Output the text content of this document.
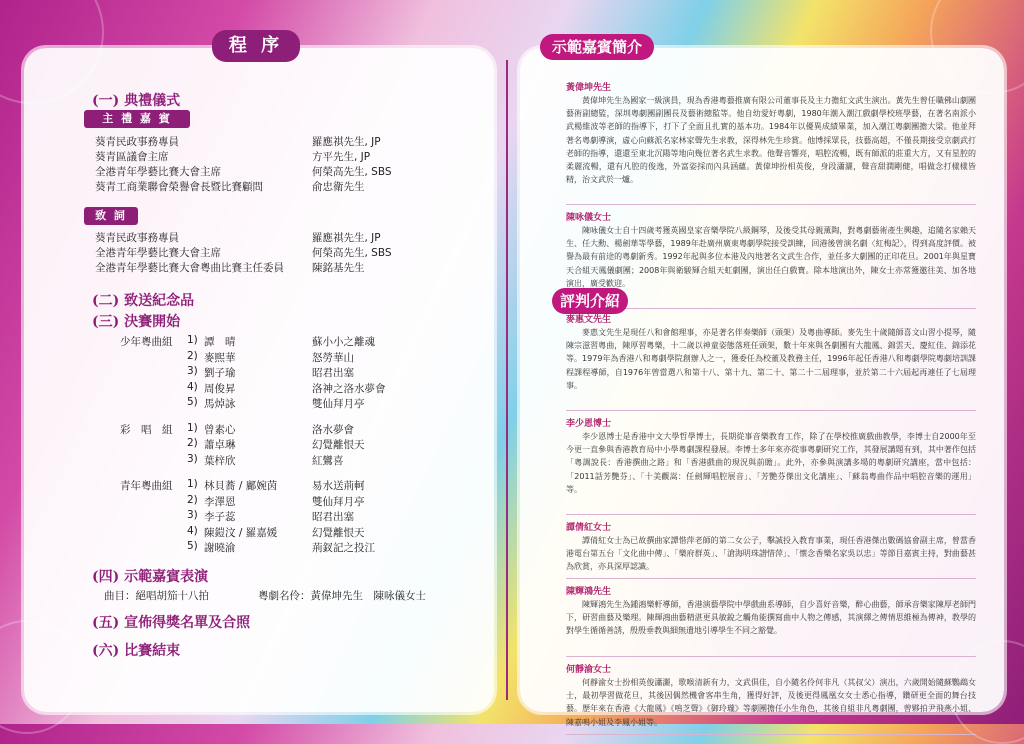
程 序
(一) 典禮儀式
主 禮 嘉 賓
葵青民政事務專員	羅應祺先生, JP
葵青區議會主席	方平先生, JP
全港青年學藝比賽大會主席	何榮高先生, SBS
葵青工商業聯會榮譽會長暨比賽顧問	俞忠衛先生
致 詞
葵青民政事務專員	羅應祺先生, JP
全港青年學藝比賽大會主席	何榮高先生, SBS
全港青年學藝比賽大會粵曲比賽主任委員	陳銘基先生
(二) 致送紀念品
(三) 決賽開始
少年粵曲組 1) 譚　晴	蘇小小之離魂
2) 麥熙華	怒勞華山
3) 劉子瑜	昭君出塞
4) 周俊昇	洛神之洛水夢會
5) 馬焯詠	雙仙拜月亭
彩　唱　組 1) 曾素心	洛水夢會
2) 蕭卓琳	幻覺離恨天
3) 葉梓欣	紅鸞喜
青年粵曲組 1) 林貝蕎 / 鄺婉茵	易水送荊軻
2) 李澤恩	雙仙拜月亭
3) 李子蕊	昭君出塞
4) 陳鎧汶 / 羅嘉媛	幻覺離恨天
5) 謝曉渝	荊釵記之投江
(四) 示範嘉賓表演
曲目：絕唱胡笳十八拍	粵劇名伶：黃偉坤先生　陳咏儀女士
(五) 宣佈得獎名單及合照
(六) 比賽結束
示範嘉賓簡介
黃偉坤先生
黃偉坤先生為國家一級演員，現為香港粵藝推廣有限公司董事長及主力擔紅文武生演出。黃先生曾任職佛山劇團藝術副總監，深圳粵劇團副團長及藝術總監等。他自幼愛好粵劇，1980年潮入潮江戲劇學校班學藝，在著名南派小武楊維波等老師的指導下，打下了全面且扎實的基本功。1984年以優異成績畢業，加入潮江粵劇團擔大梁。他並拜著名粵劇導演，虛心向蘇派名家林家聲先生求教，深得林先生珍賞。他博採眾長，技藝高超，不僅長期接受京劇武打老師的指導，還還至東北沉陽等地向幾位著名武生求教。他聲音響亮，唱腔流暢，既有師派的莊重大方，又有星腔的柔麗流暢，還有凡腔的俊逸，外富姿採而內具涵蘊。黃偉坤扮相英俊，身段瀟灑，聲音甜潤剛健，唱做念打樣樣皆精，治文武於一爐。
陳咏儀女士
陳咏儀女士自十四歲考獲英國皇家音樂學院八級鋼琴，及後受其母親薰陶，對粵劇藝術產生興趣，追隨名家賴天生、任大勳、楊劍華等學藝，1989年赴廣州廣東粵劇學院接受訓練，回港後曾演名劇〈紅梅記〉，得到高度評價。被譽為最有前途的粵劇新秀。1992年起與多位本港及內地著名文武生合作，並任多大劇團的正印花旦。2001年與星寶天合組天鳳儀劇團；2008年與衛駿輝合組天虹劇團，演出任白戲寶。除本地演出外，陳女士亦常獲邀往美、加各地演出，廣受歡迎。
評判介紹
麥惠文先生
麥惠文先生是現任八和會館理事，亦是著名伴奏樂師（頭架）及粵曲導師。麥先生十歲隨師喜文山習小提琴，隨陳宗滋習粵曲，陳厚習粵樂，十二歲以神童姿態落班任頭架，數十年來與各劇團有大龍鳳、錦雲天、慶紅佳、錦添花等。1979年為香港八和粵劇學院創辦人之一，獲委任為校董及教務主任，1996年起任香港八和粵劇學院粵劇培訓課程課程導師，自1976年曾當選八和第十八、第十九、第二十、第二十二屆理事，並於第二十六屆起再連任了七屆理事。
李少恩博士
李少恩博士是香港中文大學哲學博士，長期從事音樂教育工作，除了在學校推廣戲曲教學，李博士自2000年至今更一直參與香港教育局中小學粵劇課程發展。李博士多年來亦從事粵劇研究工作，其發展講題有到，其中著作包括「粵調說長：香港撰曲之路」和「香港戲曲的現況與前瞻」。此外，亦參與演講多場的粵劇研究講座，當中包括：「2011話芳艷芬」、「十美觀嵩：任劍輝唱腔展音」、「芳艷芬傑出文化講座」、「蘇翁粵曲作品中唱腔音樂的運用」等。
譚倩紅女士
譚倩紅女士為已故撰曲家譚惜萍老師的第二女公子，擊誠投入教育事業，現任香港傑出數碼協會副主席，曾當香港電台第五台「文化曲中傳」、「樂府群英」、「滄海明珠譜惜萍」、「懷念香樂名家吳以忠」等節目嘉賓主持，對曲藝甚為欣賞，亦具深厚認識。
陳輝鴻先生
陳輝鴻先生為鍾鴻樂軒導師，香港演藝學院中學戲曲系導師，自少喜好音樂，醉心曲藝，師承音樂家陳厚老師門下，研習曲藝及樂理。陳輝鴻曲藝精湛更具敏銳之觸角能撰寫曲中人物之傳感，其演繹之傳情思維極為傳神，教學的對學生循循善誘，殷殷垂教與細無遺地引導學生不同之豁覺。
何靜渝女士
何靜渝女士扮相英俊瀟灑，歌喉清新有力，文武俱佳，自小隨名伶何非凡（其叔父）演出，六歲開始隨蘇鸚鵡女士，最初學習做花旦，其後因偶然機會客串生角，獲得好評，及後更得鳳凰女女士悉心指導，鑽研更全面的舞台技藝。歷年來在香港《大龍鳳》《鳴芝聲》《御玲瓏》等劇團擔任小生角色，其後自組非凡粵劇團，曾夥拍尹飛燕小姐、陳嘉鳴小姐及李鳳小姐等。
